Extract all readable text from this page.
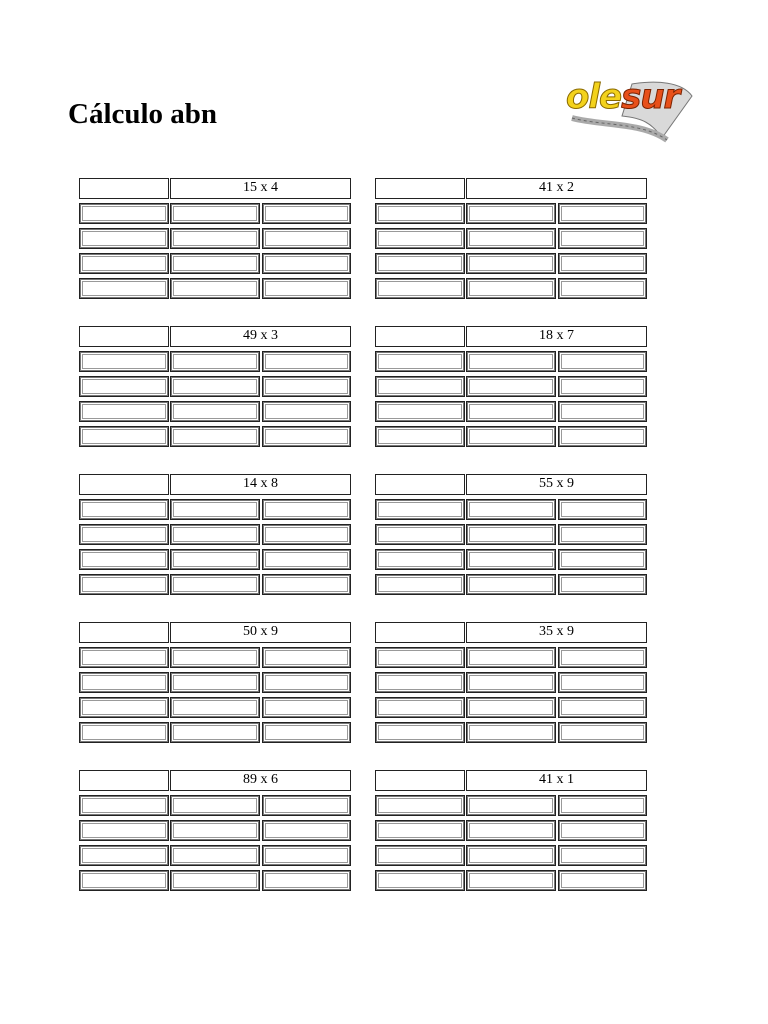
Cálculo abn	olesur
15 x 4	41 x 2
49 x 3	18 x 7
14 x 8	55 x 9
50 x 9	35 x 9
89 x 6	41 x 1
